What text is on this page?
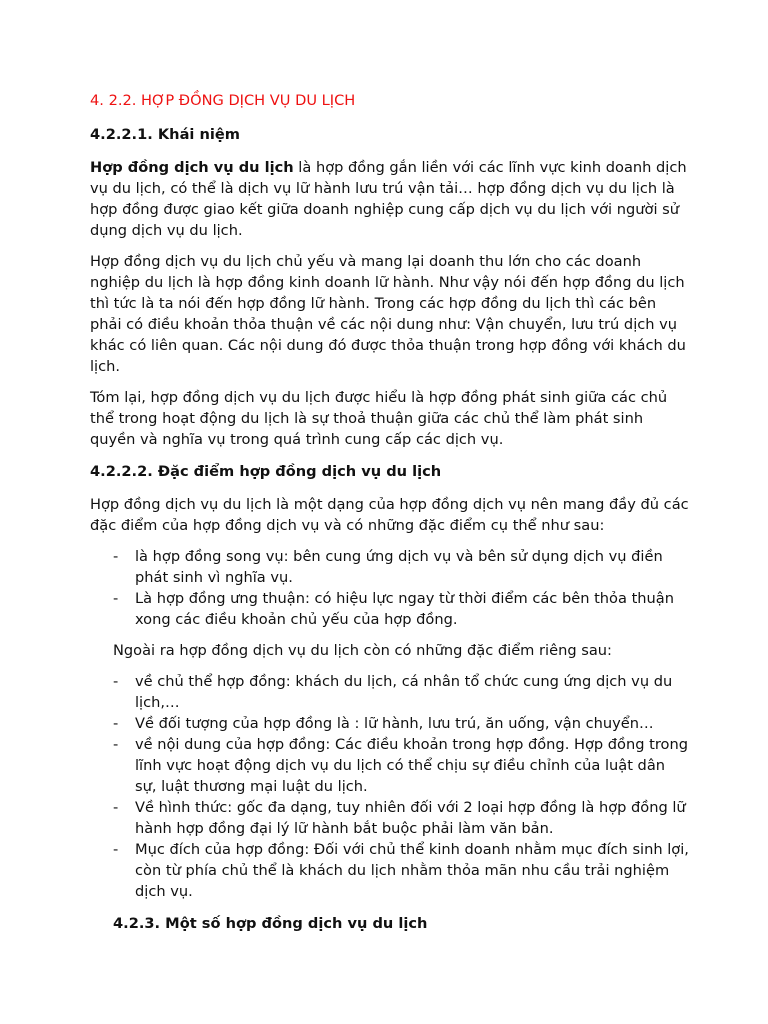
4. 2.2. HỢP ĐỒNG DỊCH VỤ DU LỊCH
4.2.2.1. Khái niệm

Hợp đồng dịch vụ du lịch là hợp đồng gắn liền với các lĩnh vực kinh doanh dịch vụ du lịch, có thể là dịch vụ lữ hành lưu trú vận tải… hợp đồng dịch vụ du lịch là hợp đồng được giao kết giữa doanh nghiệp cung cấp dịch vụ du lịch với người sử dụng dịch vụ du lịch.

Hợp đồng dịch vụ du lịch chủ yếu và mang lại doanh thu lớn cho các doanh nghiệp du lịch là hợp đồng kinh doanh lữ hành. Như vậy nói đến hợp đồng du lịch thì tức là ta nói đến hợp đồng lữ hành. Trong các hợp đồng du lịch thì các bên phải có điều khoản thỏa thuận về các nội dung như: Vận chuyển, lưu trú dịch vụ khác có liên quan. Các nội dung đó được thỏa thuận trong hợp đồng với khách du lịch.

Tóm lại, hợp đồng dịch vụ du lịch được hiểu là hợp đồng phát sinh giữa các chủ thể trong hoạt động du lịch là sự thoả thuận giữa các chủ thể làm phát sinh quyền và nghĩa vụ trong quá trình cung cấp các dịch vụ.

4.2.2.2. Đặc điểm hợp đồng dịch vụ du lịch

Hợp đồng dịch vụ du lịch là một dạng của hợp đồng dịch vụ nên mang đầy đủ các đặc điểm của hợp đồng dịch vụ và có những đặc điểm cụ thể như sau:

- là hợp đồng song vụ: bên cung ứng dịch vụ và bên sử dụng dịch vụ điền phát sinh vì nghĩa vụ.
- Là hợp đồng ưng thuận: có hiệu lực ngay từ thời điểm các bên thỏa thuận xong các điều khoản chủ yếu của hợp đồng.

Ngoài ra hợp đồng dịch vụ du lịch còn có những đặc điểm riêng sau:

- về chủ thể hợp đồng: khách du lịch, cá nhân tổ chức cung ứng dịch vụ du lịch,…
- Về đối tượng của hợp đồng là : lữ hành, lưu trú, ăn uống, vận chuyển…
- về nội dung của hợp đồng: Các điều khoản trong hợp đồng. Hợp đồng trong lĩnh vực hoạt động dịch vụ du lịch có thể chịu sự điều chỉnh của luật dân sự, luật thương mại luật du lịch.
- Về hình thức: gốc đa dạng, tuy nhiên đối với 2 loại hợp đồng là hợp đồng lữ hành hợp đồng đại lý lữ hành bắt buộc phải làm văn bản.
- Mục đích của hợp đồng: Đối với chủ thể kinh doanh nhằm mục đích sinh lợi, còn từ phía chủ thể là khách du lịch nhằm thỏa mãn nhu cầu trải nghiệm dịch vụ.
4.2.3. Một số hợp đồng dịch vụ du lịch
